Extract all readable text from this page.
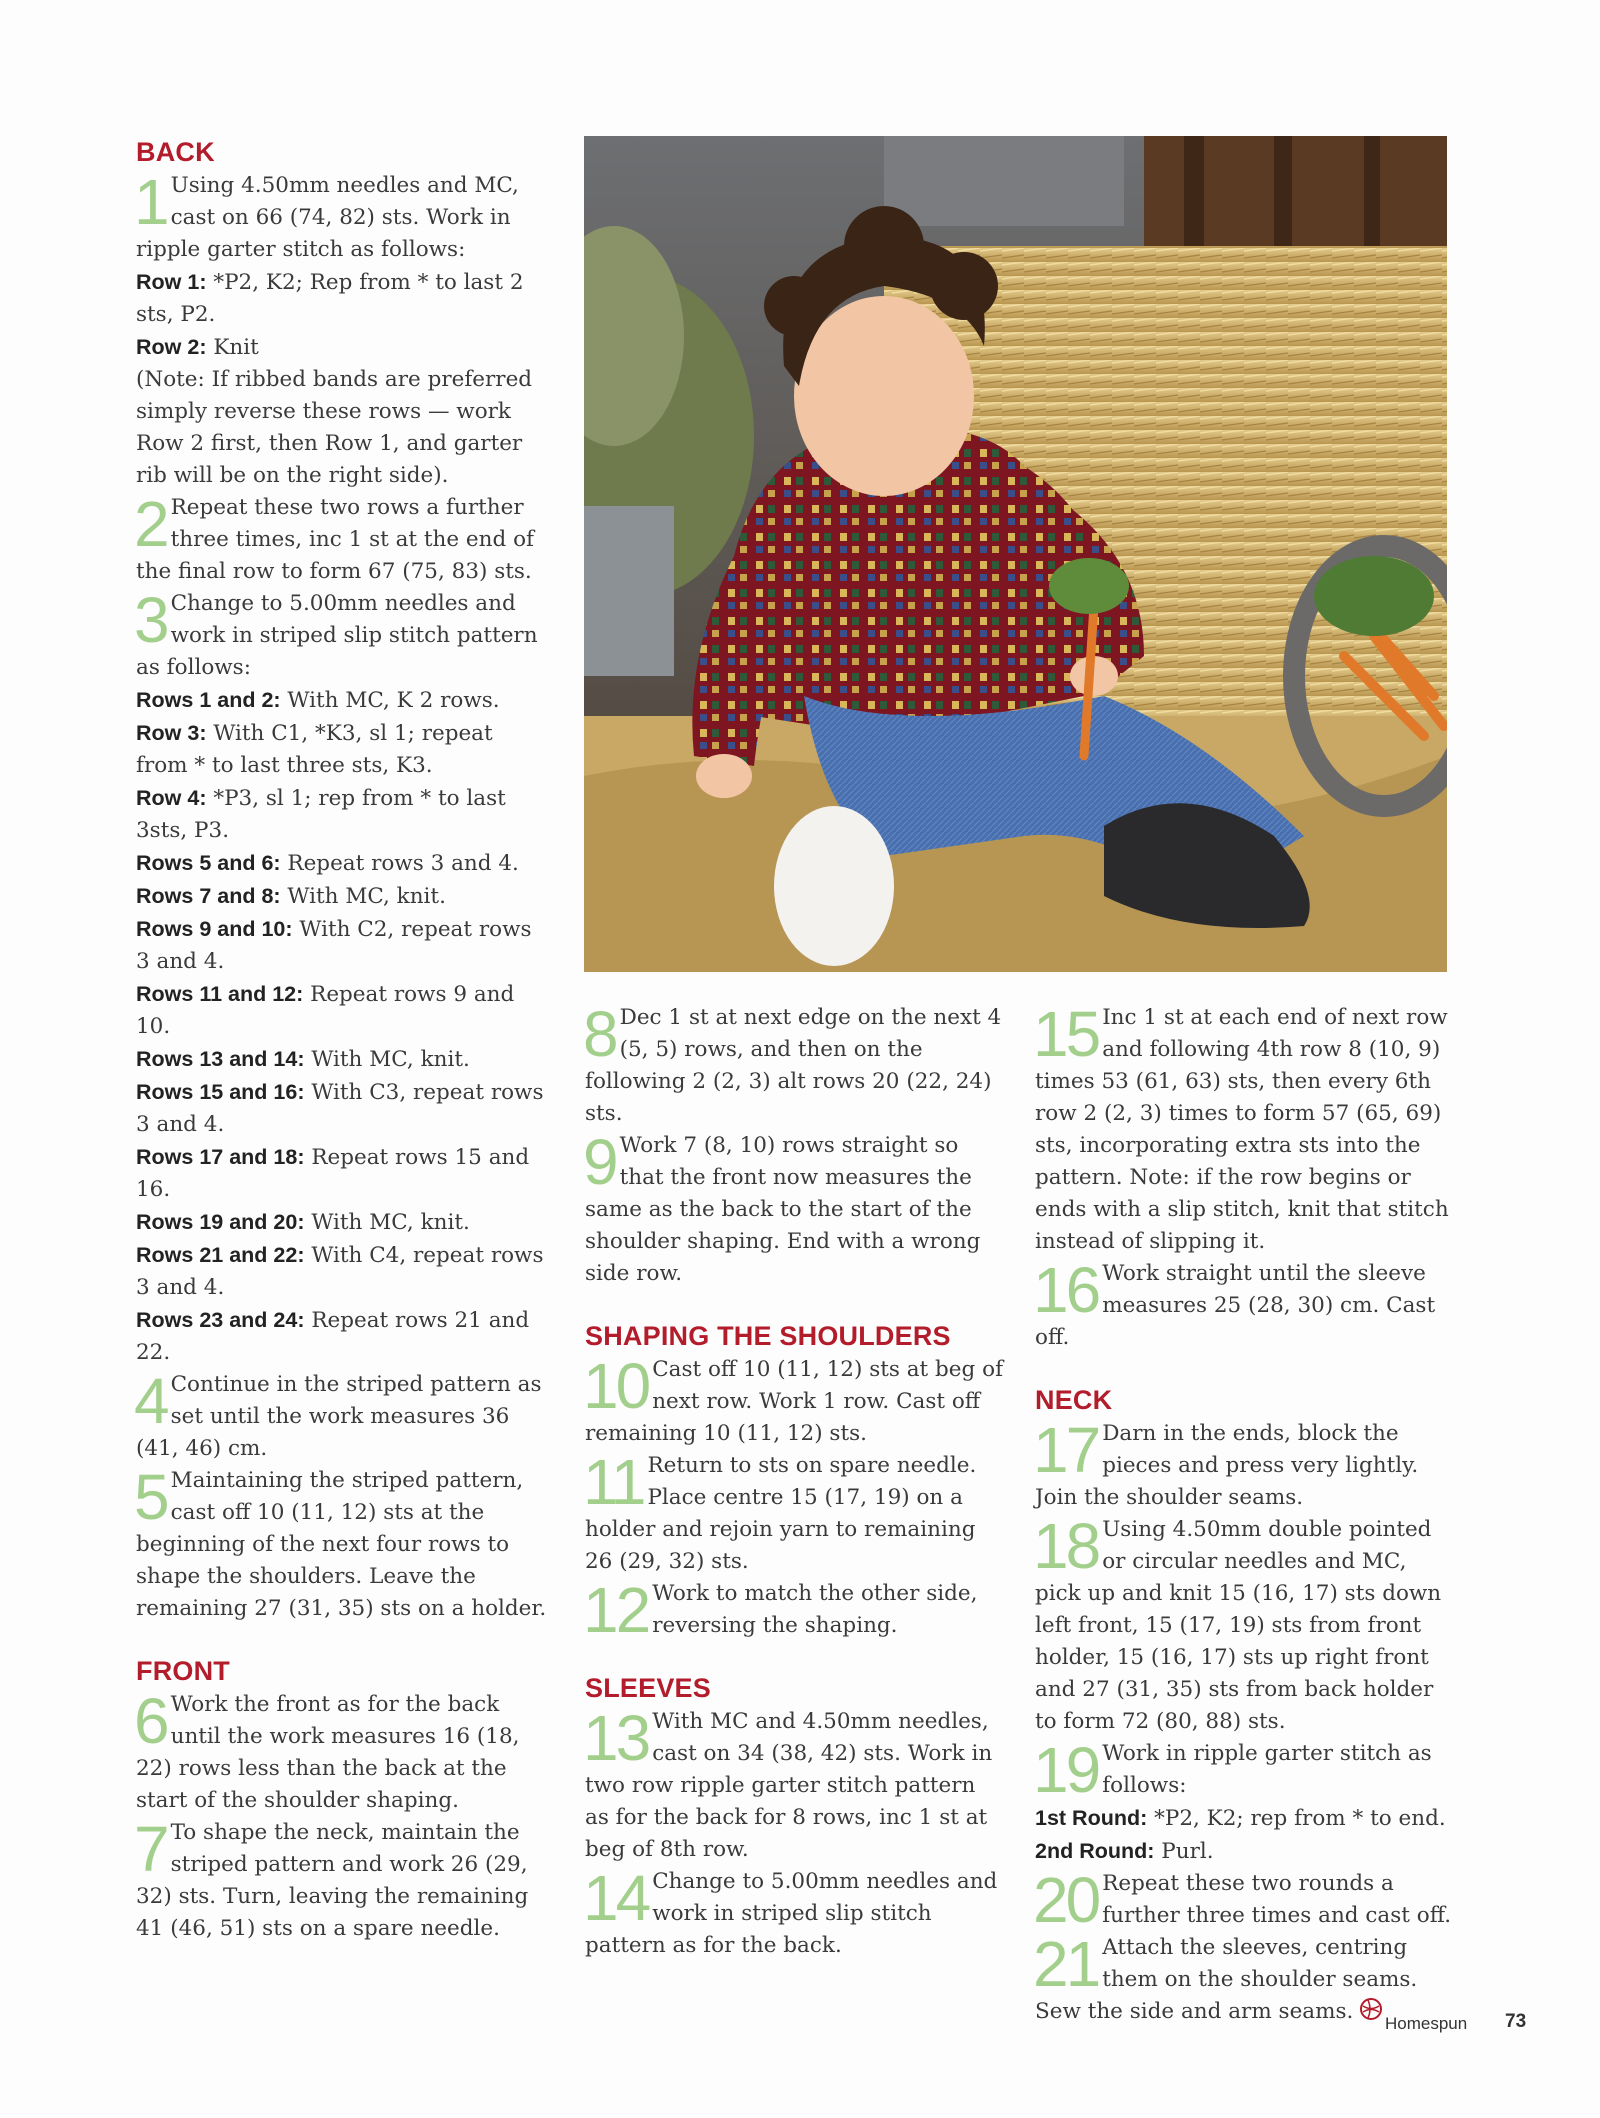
BACK
1 Using 4.50mm needles and MC, cast on 66 (74, 82) sts. Work in ripple garter stitch as follows:

Row 1: *P2, K2; Rep from * to last 2 sts, P2.

Row 2: Knit

(Note: If ribbed bands are preferred simply reverse these rows — work Row 2 first, then Row 1, and garter rib will be on the right side).

2 Repeat these two rows a further three times, inc 1 st at the end of the final row to form 67 (75, 83) sts.
3 Change to 5.00mm needles and work in striped slip stitch pattern as follows:

Rows 1 and 2: With MC, K 2 rows.

Row 3: With C1, *K3, sl 1; repeat from * to last three sts, K3.

Row 4: *P3, sl 1; rep from * to last 3sts, P3.

Rows 5 and 6: Repeat rows 3 and 4.

Rows 7 and 8: With MC, knit.

Rows 9 and 10: With C2, repeat rows 3 and 4.

Rows 11 and 12: Repeat rows 9 and 10.

Rows 13 and 14: With MC, knit.

Rows 15 and 16: With C3, repeat rows 3 and 4.

Rows 17 and 18: Repeat rows 15 and 16.

Rows 19 and 20: With MC, knit.

Rows 21 and 22: With C4, repeat rows 3 and 4.

Rows 23 and 24: Repeat rows 21 and 22.

4 Continue in the striped pattern as set until the work measures 36 (41, 46) cm.
5 Maintaining the striped pattern, cast off 10 (11, 12) sts at the beginning of the next four rows to shape the shoulders. Leave the remaining 27 (31, 35) sts on a holder.
FRONT
6 Work the front as for the back until the work measures 16 (18, 22) rows less than the back at the start of the shoulder shaping.
7 To shape the neck, maintain the striped pattern and work 26 (29, 32) sts. Turn, leaving the remaining 41 (46, 51) sts on a spare needle.
8 Dec 1 st at next edge on the next 4 (5, 5) rows, and then on the following 2 (2, 3) alt rows 20 (22, 24) sts.
9 Work 7 (8, 10) rows straight so that the front now measures the same as the back to the start of the shoulder shaping. End with a wrong side row.
SHAPING THE SHOULDERS
10 Cast off 10 (11, 12) sts at beg of next row. Work 1 row. Cast off remaining 10 (11, 12) sts.
11 Return to sts on spare needle. Place centre 15 (17, 19) on a holder and rejoin yarn to remaining 26 (29, 32) sts.
12 Work to match the other side, reversing the shaping.
SLEEVES
13 With MC and 4.50mm needles, cast on 34 (38, 42) sts. Work in two row ripple garter stitch pattern as for the back for 8 rows, inc 1 st at beg of 8th row.
14 Change to 5.00mm needles and work in striped slip stitch pattern as for the back.
15 Inc 1 st at each end of next row and following 4th row 8 (10, 9) times 53 (61, 63) sts, then every 6th row 2 (2, 3) times to form 57 (65, 69) sts, incorporating extra sts into the pattern. Note: if the row begins or ends with a slip stitch, knit that stitch instead of slipping it.
16 Work straight until the sleeve measures 25 (28, 30) cm. Cast off.
NECK
17 Darn in the ends, block the pieces and press very lightly. Join the shoulder seams.
18 Using 4.50mm double pointed or circular needles and MC, pick up and knit 15 (16, 17) sts down left front, 15 (17, 19) sts from front holder, 15 (16, 17) sts up right front and 27 (31, 35) sts from back holder to form 72 (80, 88) sts.
19 Work in ripple garter stitch as follows:

1st Round: *P2, K2; rep from * to end.

2nd Round: Purl.

20 Repeat these two rounds a further three times and cast off.
21 Attach the sleeves, centring them on the shoulder seams. Sew the side and arm seams.	Homespun 73
